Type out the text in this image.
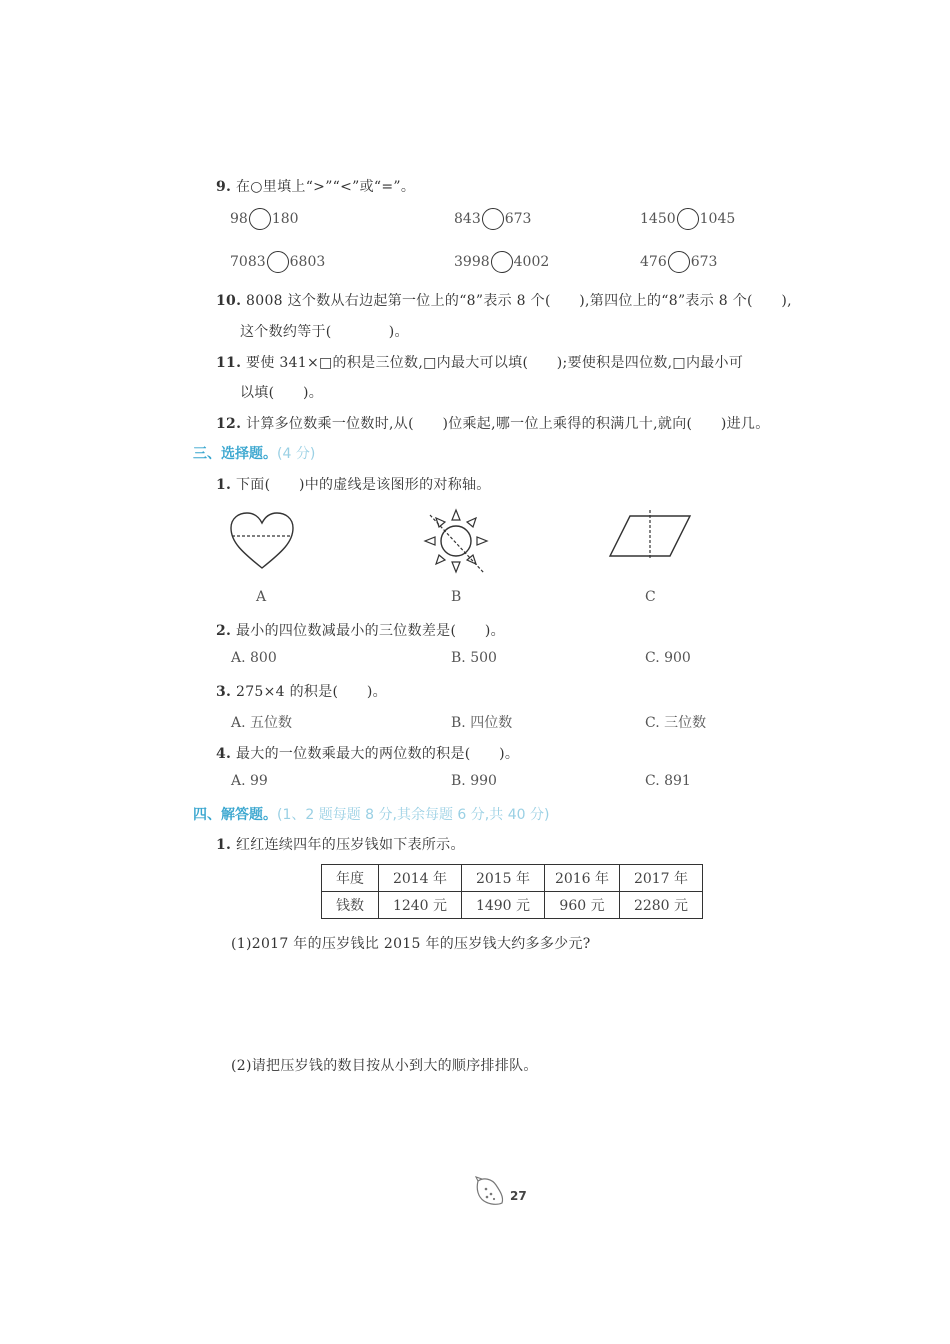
9. 在○里填上“>”“<”或“=”。
98 180	843 673	1450 1045
7083 6803	3998 4002	476 673
10. 8008 这个数从右边起第一位上的“8”表示 8 个(　　),第四位上的“8”表示 8 个(　　),
这个数约等于(　　　　)。
11. 要使 341×□的积是三位数,□内最大可以填(　　);要使积是四位数,□内最小可
以填(　　)。
12. 计算多位数乘一位数时,从(　　)位乘起,哪一位上乘得的积满几十,就向(　　)进几。
三、选择题。(4 分)
1. 下面(　　)中的虚线是该图形的对称轴。
A	B	C
2. 最小的四位数减最小的三位数差是(　　)。
A. 800	B. 500	C. 900
3. 275×4 的积是(　　)。
A. 五位数	B. 四位数	C. 三位数
4. 最大的一位数乘最大的两位数的积是(　　)。
A. 99	B. 990	C. 891
四、解答题。(1、2 题每题 8 分,其余每题 6 分,共 40 分)
1. 红红连续四年的压岁钱如下表所示。
年度	2014 年	2015 年	2016 年	2017 年
钱数	1240 元	1490 元	960 元	2280 元
(1)2017 年的压岁钱比 2015 年的压岁钱大约多多少元?
(2)请把压岁钱的数目按从小到大的顺序排排队。
27
